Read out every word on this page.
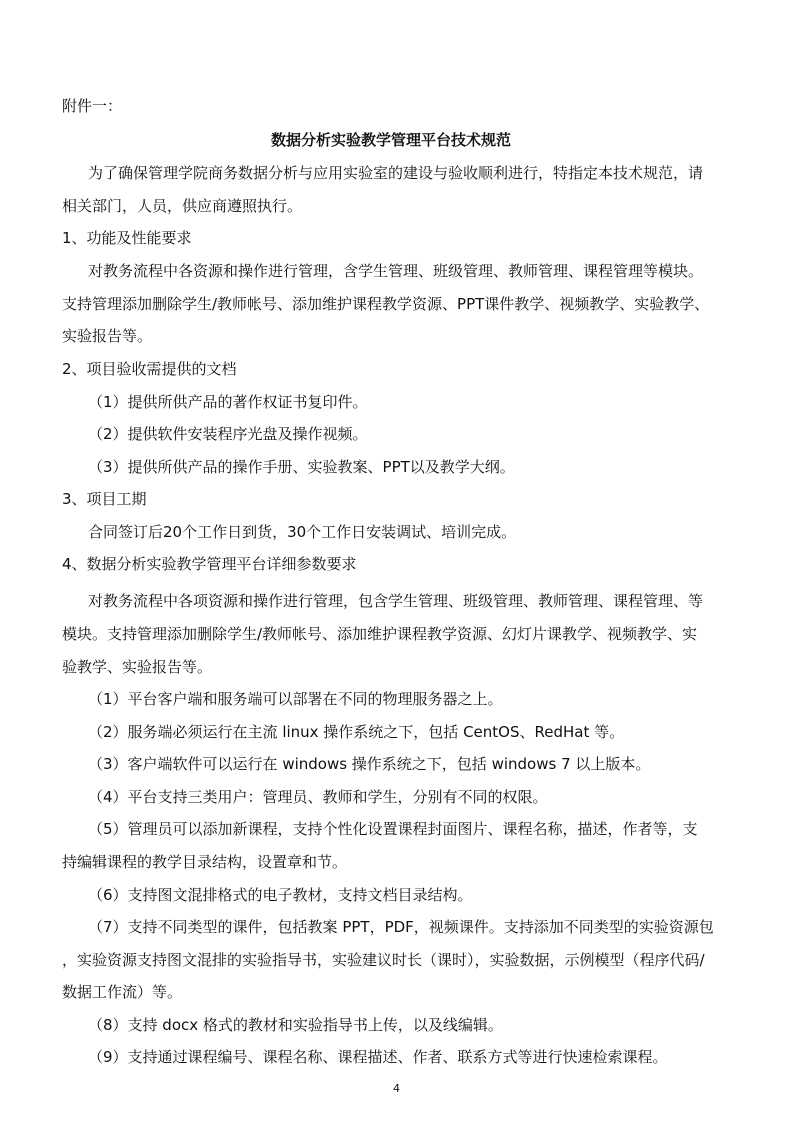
附件一：
数据分析实验教学管理平台技术规范
为了确保管理学院商务数据分析与应用实验室的建设与验收顺利进行，特指定本技术规范，请
相关部门，人员，供应商遵照执行。
1、功能及性能要求
对教务流程中各资源和操作进行管理，含学生管理、班级管理、教师管理、课程管理等模块。
支持管理添加删除学生/教师帐号、添加维护课程教学资源、PPT课件教学、视频教学、实验教学、
实验报告等。
2、项目验收需提供的文档
（1）提供所供产品的著作权证书复印件。
（2）提供软件安装程序光盘及操作视频。
（3）提供所供产品的操作手册、实验教案、PPT以及教学大纲。
3、项目工期
合同签订后20个工作日到货，30个工作日安装调试、培训完成。
4、数据分析实验教学管理平台详细参数要求
对教务流程中各项资源和操作进行管理，包含学生管理、班级管理、教师管理、课程管理、等
模块。支持管理添加删除学生/教师帐号、添加维护课程教学资源、幻灯片课教学、视频教学、实
验教学、实验报告等。
（1）平台客户端和服务端可以部署在不同的物理服务器之上。
（2）服务端必须运行在主流 linux 操作系统之下，包括 CentOS、RedHat 等。
（3）客户端软件可以运行在 windows 操作系统之下，包括 windows 7 以上版本。
（4）平台支持三类用户：管理员、教师和学生，分别有不同的权限。
（5）管理员可以添加新课程，支持个性化设置课程封面图片、课程名称，描述，作者等，支
持编辑课程的教学目录结构，设置章和节。
（6）支持图文混排格式的电子教材，支持文档目录结构。
（7）支持不同类型的课件，包括教案 PPT，PDF，视频课件。支持添加不同类型的实验资源包
，实验资源支持图文混排的实验指导书，实验建议时长（课时），实验数据，示例模型（程序代码/
数据工作流）等。
（8）支持 docx 格式的教材和实验指导书上传，以及线编辑。
（9）支持通过课程编号、课程名称、课程描述、作者、联系方式等进行快速检索课程。
4
